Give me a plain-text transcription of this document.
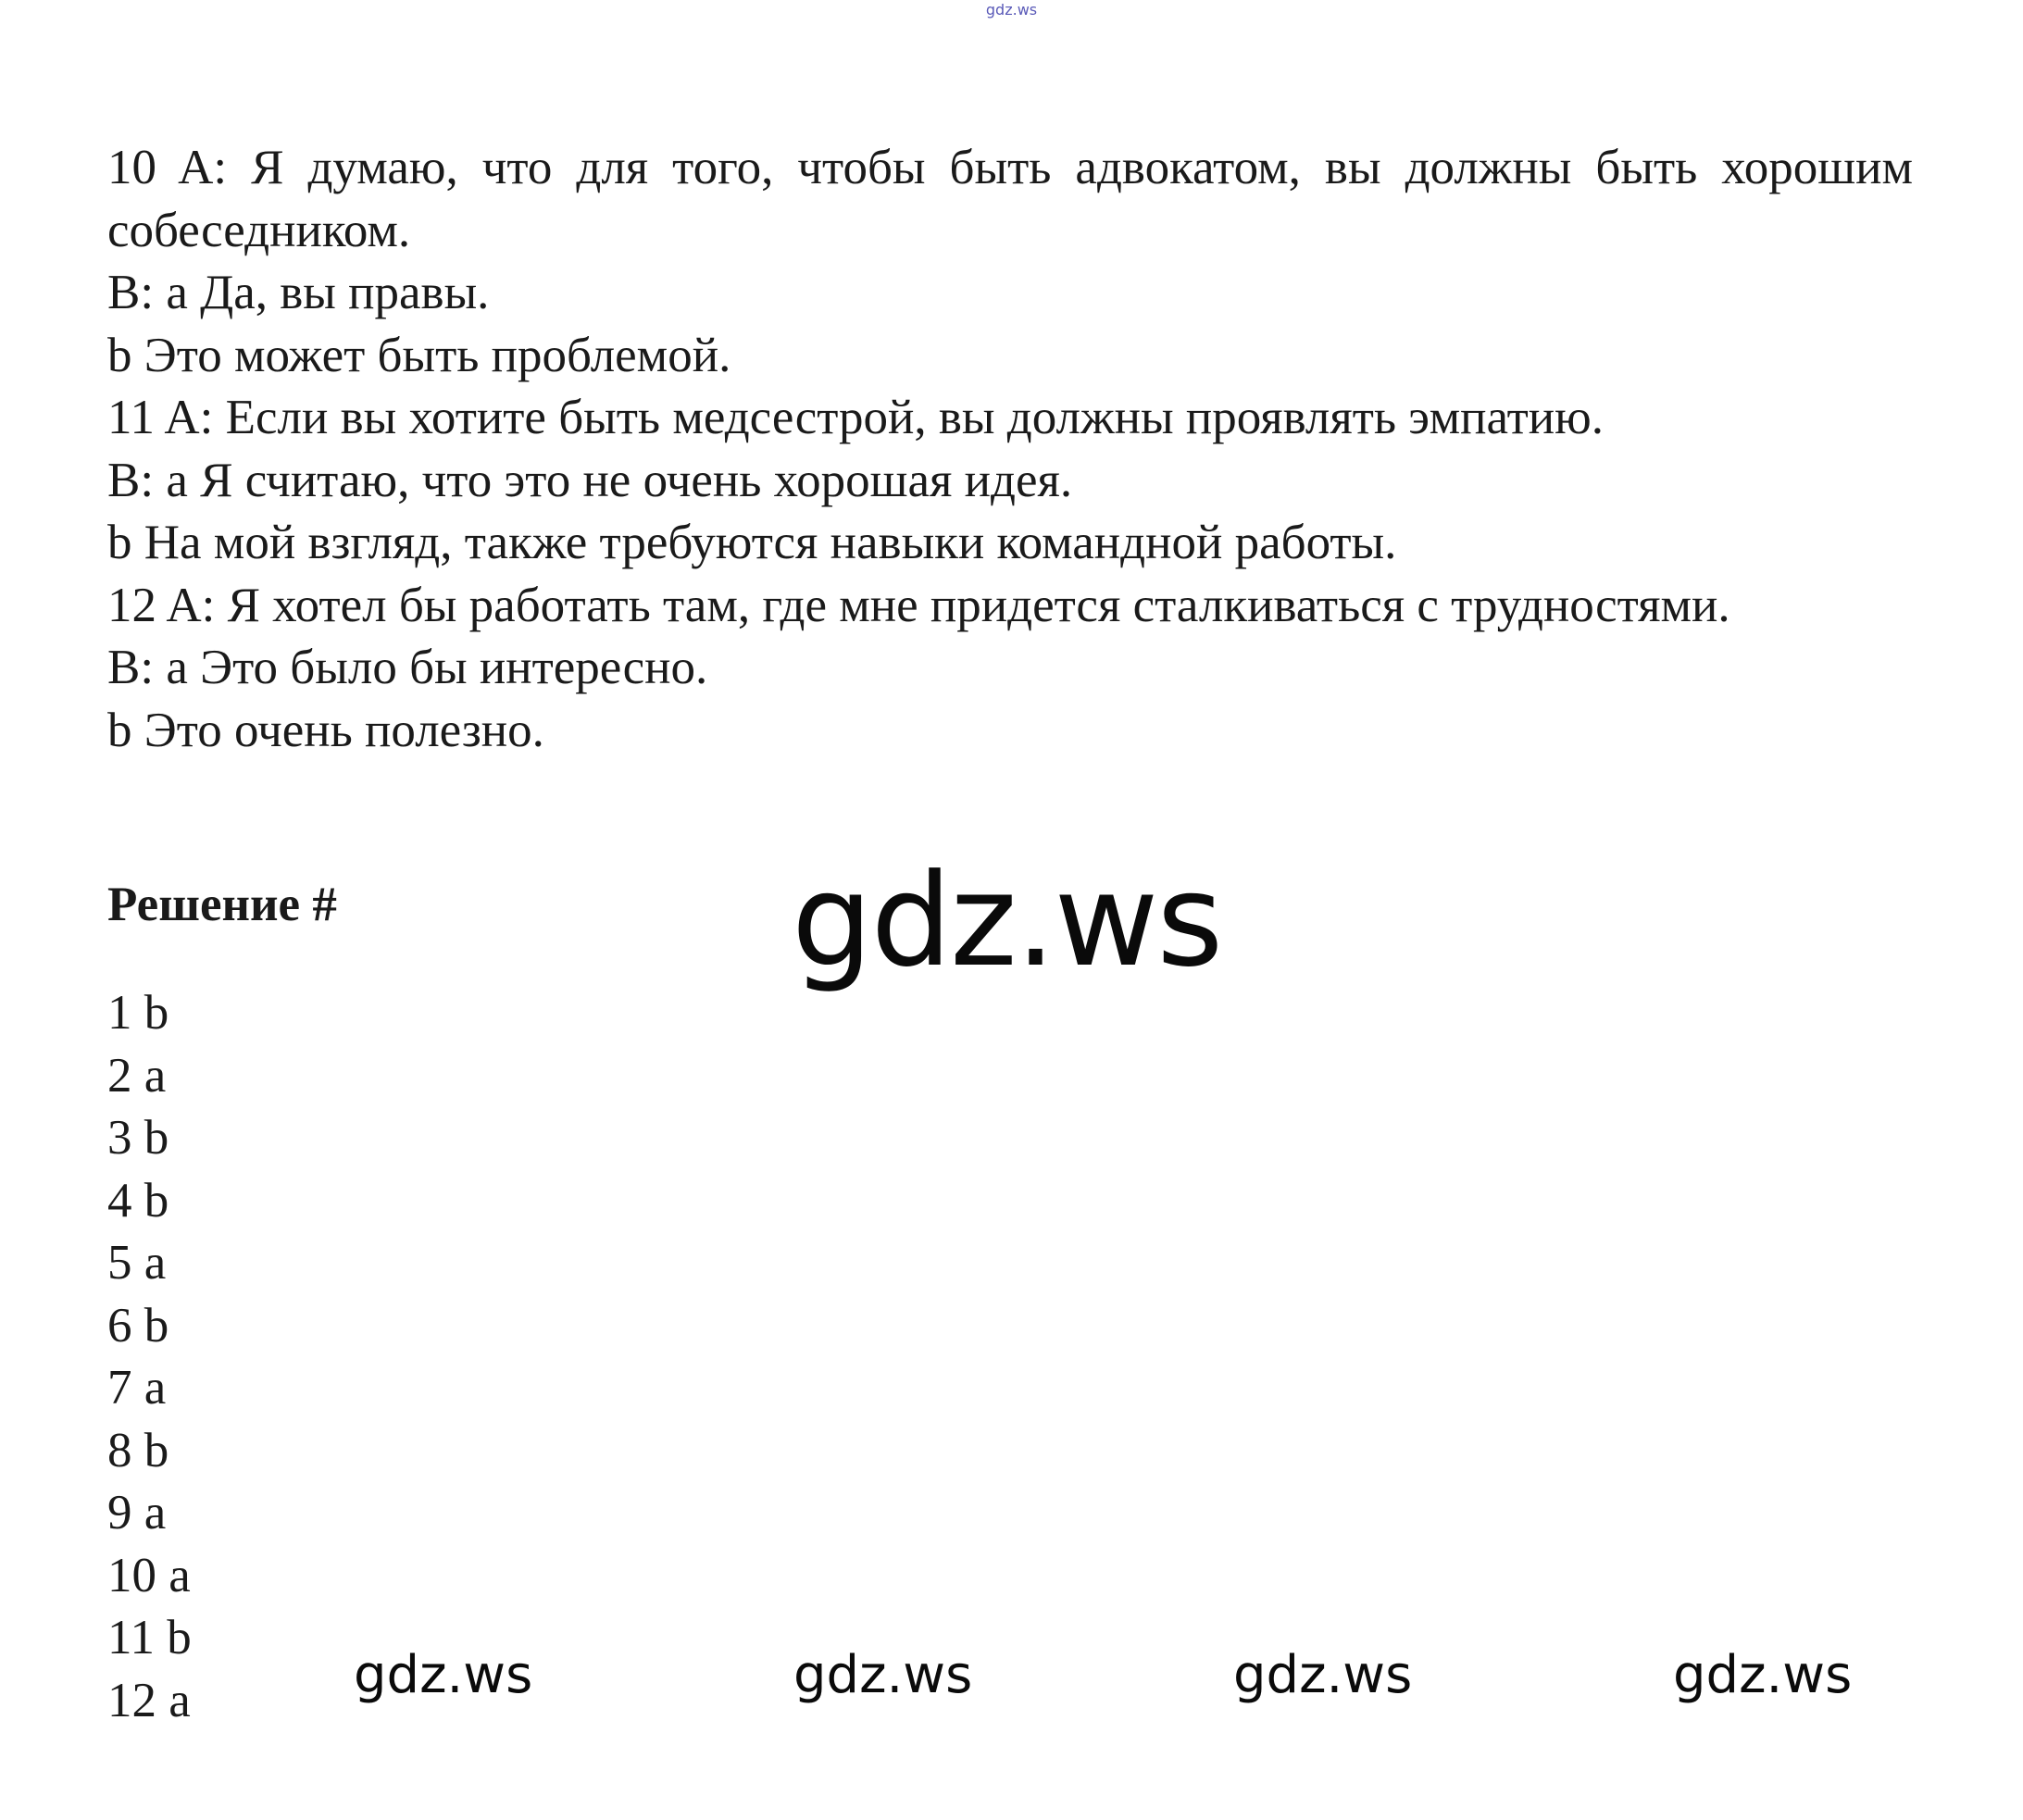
gdz.ws

10 A: Я думаю, что для того, чтобы быть адвокатом, вы должны быть хорошим собеседником.

B: a Да, вы правы.

b Это может быть проблемой.

11 A: Если вы хотите быть медсестрой, вы должны проявлять эмпатию.

B: a Я считаю, что это не очень хорошая идея.

b На мой взгляд, также требуются навыки командной работы.

12 A: Я хотел бы работать там, где мне придется сталкиваться с трудностями.

B: a Это было бы интересно.

b Это очень полезно.

Решение #	gdz.ws
1 b
2 a
3 b
4 b
5 a
6 b
7 a
8 b
9 a
10 a
11 b
12 a	gdz.ws	gdz.ws	gdz.ws	gdz.ws
